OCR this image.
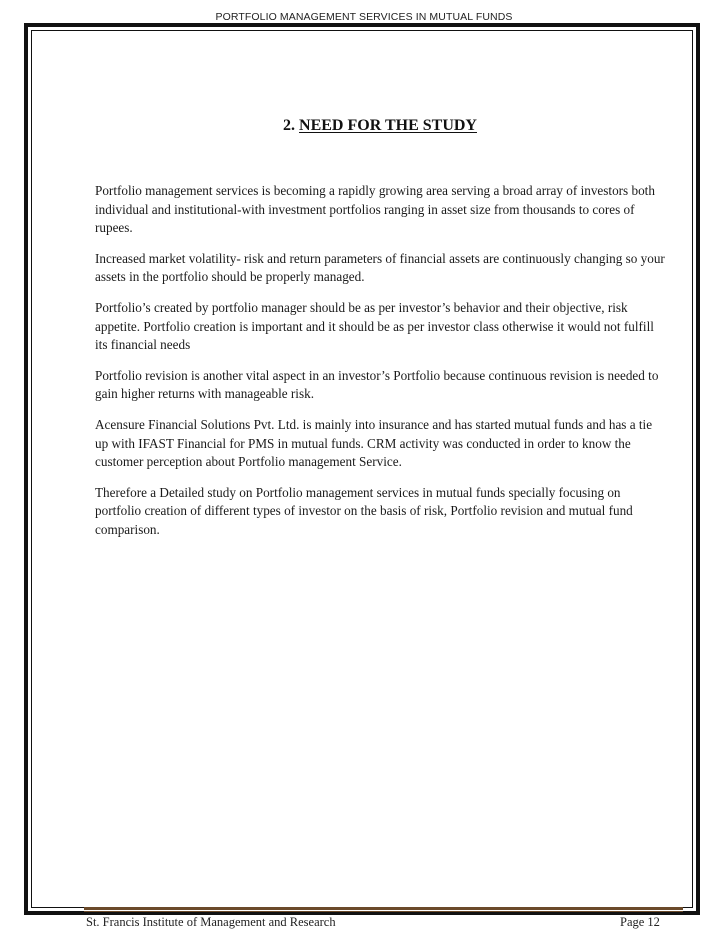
PORTFOLIO MANAGEMENT SERVICES IN MUTUAL FUNDS
2. NEED FOR THE STUDY

Portfolio management services is becoming a rapidly growing area serving a broad array of investors both individual and institutional-with investment portfolios ranging in asset size from thousands to cores of rupees.

Increased market volatility- risk and return parameters of financial assets are continuously changing so your assets in the portfolio should be properly managed.

Portfolio’s created by portfolio manager should be as per investor’s behavior and their objective, risk appetite. Portfolio creation is important and it should be as per investor class otherwise it would not fulfill its financial needs

Portfolio revision is another vital aspect in an investor’s Portfolio because continuous revision is needed to gain higher returns with manageable risk.

Acensure Financial Solutions Pvt. Ltd. is mainly into insurance and has started mutual funds and has a tie up with IFAST Financial for PMS in mutual funds. CRM activity was conducted in order to know the customer perception about Portfolio management Service.

Therefore a Detailed study on Portfolio management services in mutual funds specially focusing on portfolio creation of different types of investor on the basis of risk, Portfolio revision and mutual fund comparison.

St. Francis Institute of Management and Research	Page 12
